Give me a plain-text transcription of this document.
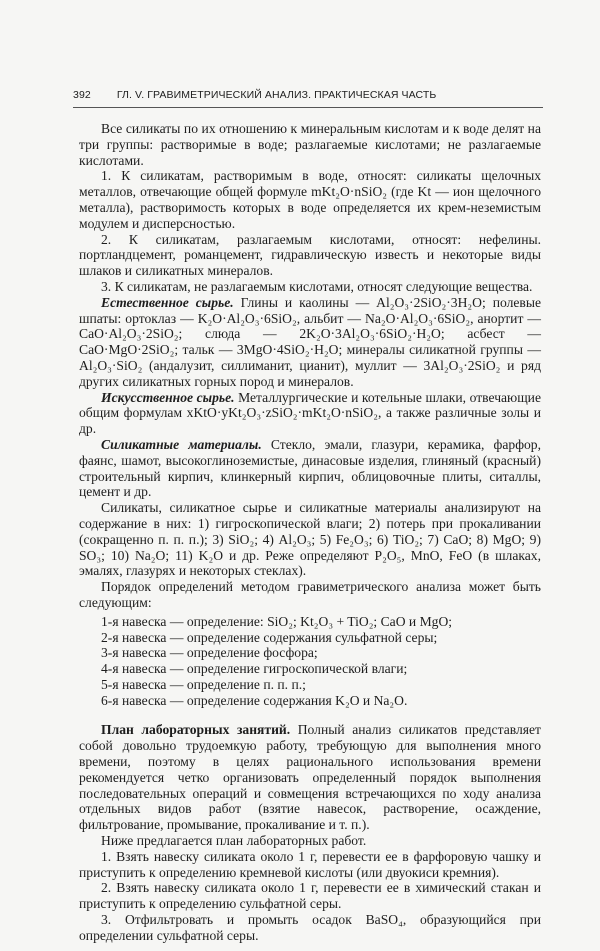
392 ГЛ. V. ГРАВИМЕТРИЧЕСКИЙ АНАЛИЗ. ПРАКТИЧЕСКАЯ ЧАСТЬ

Все силикаты по их отношению к минеральным кислотам и к воде делят на три группы: растворимые в воде; разлагаемые кислотами; не разлагаемые кислотами.

1. К силикатам, растворимым в воде, относят: силикаты щелочных металлов, отвечающие общей формуле mKt₂O·nSiO₂ (где Kt — ион щелочного металла), растворимость которых в воде определяется их крем-неземистым модулем и дисперсностью.

2. К силикатам, разлагаемым кислотами, относят: нефелины. портландцемент, романцемент, гидравлическую известь и некоторые виды шлаков и силикатных минералов.

3. К силикатам, не разлагаемым кислотами, относят следующие вещества.

Естественное сырье. Глины и каолины — Al₂O₃·2SiO₂·3H₂O; полевые шпаты: ортоклаз — K₂O·Al₂O₃·6SiO₂, альбит — Na₂O·Al₂O₃·6SiO₂, анортит — CaO·Al₂O₃·2SiO₂; слюда — 2K₂O·3Al₂O₃·6SiO₂·H₂O; асбест — CaO·MgO·2SiO₂; тальк — 3MgO·4SiO₂·H₂O; минералы силикатной группы — Al₂O₃·SiO₂ (андалузит, силлиманит, цианит), муллит — 3Al₂O₃·2SiO₂ и ряд других силикатных горных пород и минералов.

Искусственное сырье. Металлургические и котельные шлаки, отвечающие общим формулам xKtO·yKt₂O₃·zSiO₂·mKt₂O·nSiO₂, а также различные золы и др.

Силикатные материалы. Стекло, эмали, глазури, керамика, фарфор, фаянс, шамот, высокоглиноземистые, динасовые изделия, глиняный (красный) строительный кирпич, клинкерный кирпич, облицовочные плиты, ситаллы, цемент и др.

Силикаты, силикатное сырье и силикатные материалы анализируют на содержание в них: 1) гигроскопической влаги; 2) потерь при прокаливании (сокращенно п. п. п.); 3) SiO₂; 4) Al₂O₃; 5) Fe₂O₃; 6) TiO₂; 7) CaO; 8) MgO; 9) SO₃; 10) Na₂O; 11) K₂O и др. Реже определяют P₂O₅, MnO, FeO (в шлаках, эмалях, глазурях и некоторых стеклах).

Порядок определений методом гравиметрического анализа может быть следующим:

1-я навеска — определение: SiO₂; Kt₂O₃ + TiO₂; CaO и MgO;
2-я навеска — определение содержания сульфатной серы;
3-я навеска — определение фосфора;
4-я навеска — определение гигроскопической влаги;
5-я навеска — определение п. п. п.;
6-я навеска — определение содержания K₂O и Na₂O.

План лабораторных занятий. Полный анализ силикатов представляет собой довольно трудоемкую работу, требующую для выполнения много времени, поэтому в целях рационального использования времени рекомендуется четко организовать определенный порядок выполнения последовательных операций и совмещения встречающихся по ходу анализа отдельных видов работ (взятие навесок, растворение, осаждение, фильтрование, промывание, прокаливание и т. п.).

Ниже предлагается план лабораторных работ.

1. Взять навеску силиката около 1 г, перевести ее в фарфоровую чашку и приступить к определению кремневой кислоты (или двуокиси кремния).

2. Взять навеску силиката около 1 г, перевести ее в химический стакан и приступить к определению сульфатной серы.

3. Отфильтровать и промыть осадок BaSO₄, образующийся при определении сульфатной серы.
